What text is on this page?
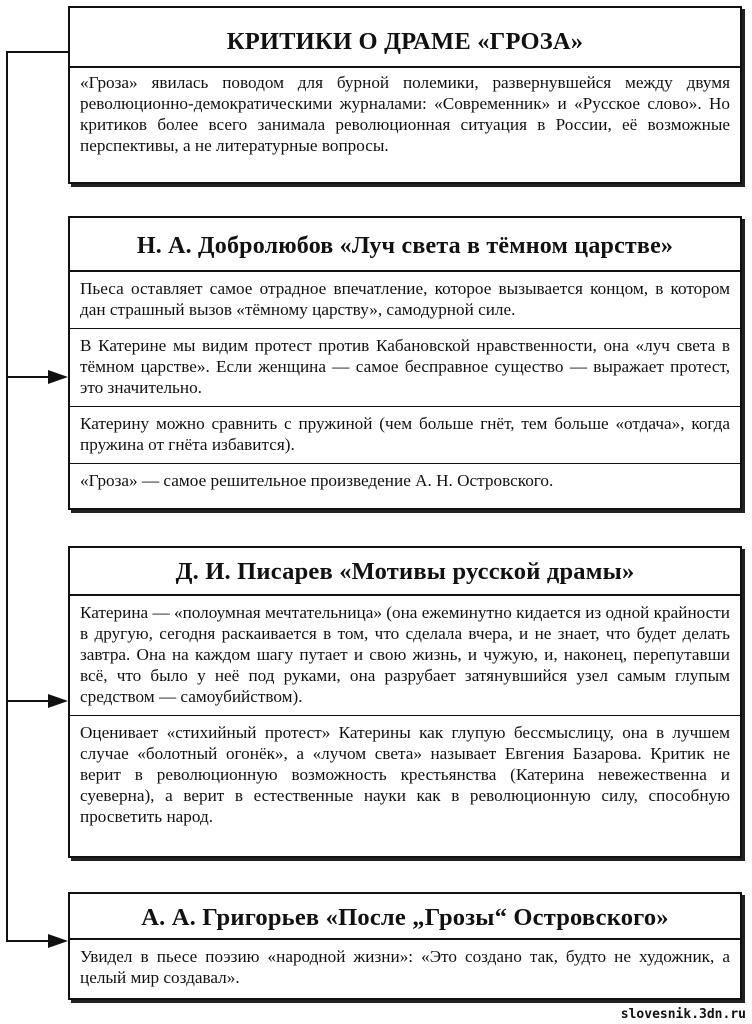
КРИТИКИ О ДРАМЕ «ГРОЗА»
«Гроза» явилась поводом для бурной полемики, развернувшейся между двумя революционно-демократическими журналами: «Современник» и «Русское слово». Но критиков более всего занимала революционная ситуация в России, её возможные перспективы, а не литературные вопросы.
Н. А. Добролюбов «Луч света в тёмном царстве»
Пьеса оставляет самое отрадное впечатление, которое вызывается концом, в котором дан страшный вызов «тёмному царству», самодурной силе.
В Катерине мы видим протест против Кабановской нравственности, она «луч света в тёмном царстве». Если женщина — самое бесправное существо — выражает протест, это значительно.
Катерину можно сравнить с пружиной (чем больше гнёт, тем больше «отдача», когда пружина от гнёта избавится).
«Гроза» — самое решительное произведение А. Н. Островского.
Д. И. Писарев «Мотивы русской драмы»
Катерина — «полоумная мечтательница» (она ежеминутно кидается из одной крайности в другую, сегодня раскаивается в том, что сделала вчера, и не знает, что будет делать завтра. Она на каждом шагу путает и свою жизнь, и чужую, и, наконец, перепутавши всё, что было у неё под руками, она разрубает затянувшийся узел самым глупым средством — самоубийством).
Оценивает «стихийный протест» Катерины как глупую бессмыслицу, она в лучшем случае «болотный огонёк», а «лучом света» называет Евгения Базарова. Критик не верит в революционную возможность крестьянства (Катерина невежественна и суеверна), а верит в естественные науки как в революционную силу, способную просветить народ.
А. А. Григорьев «После „Грозы“ Островского»
Увидел в пьесе поэзию «народной жизни»: «Это создано так, будто не художник, а целый мир создавал».
slovesnik.3dn.ru
